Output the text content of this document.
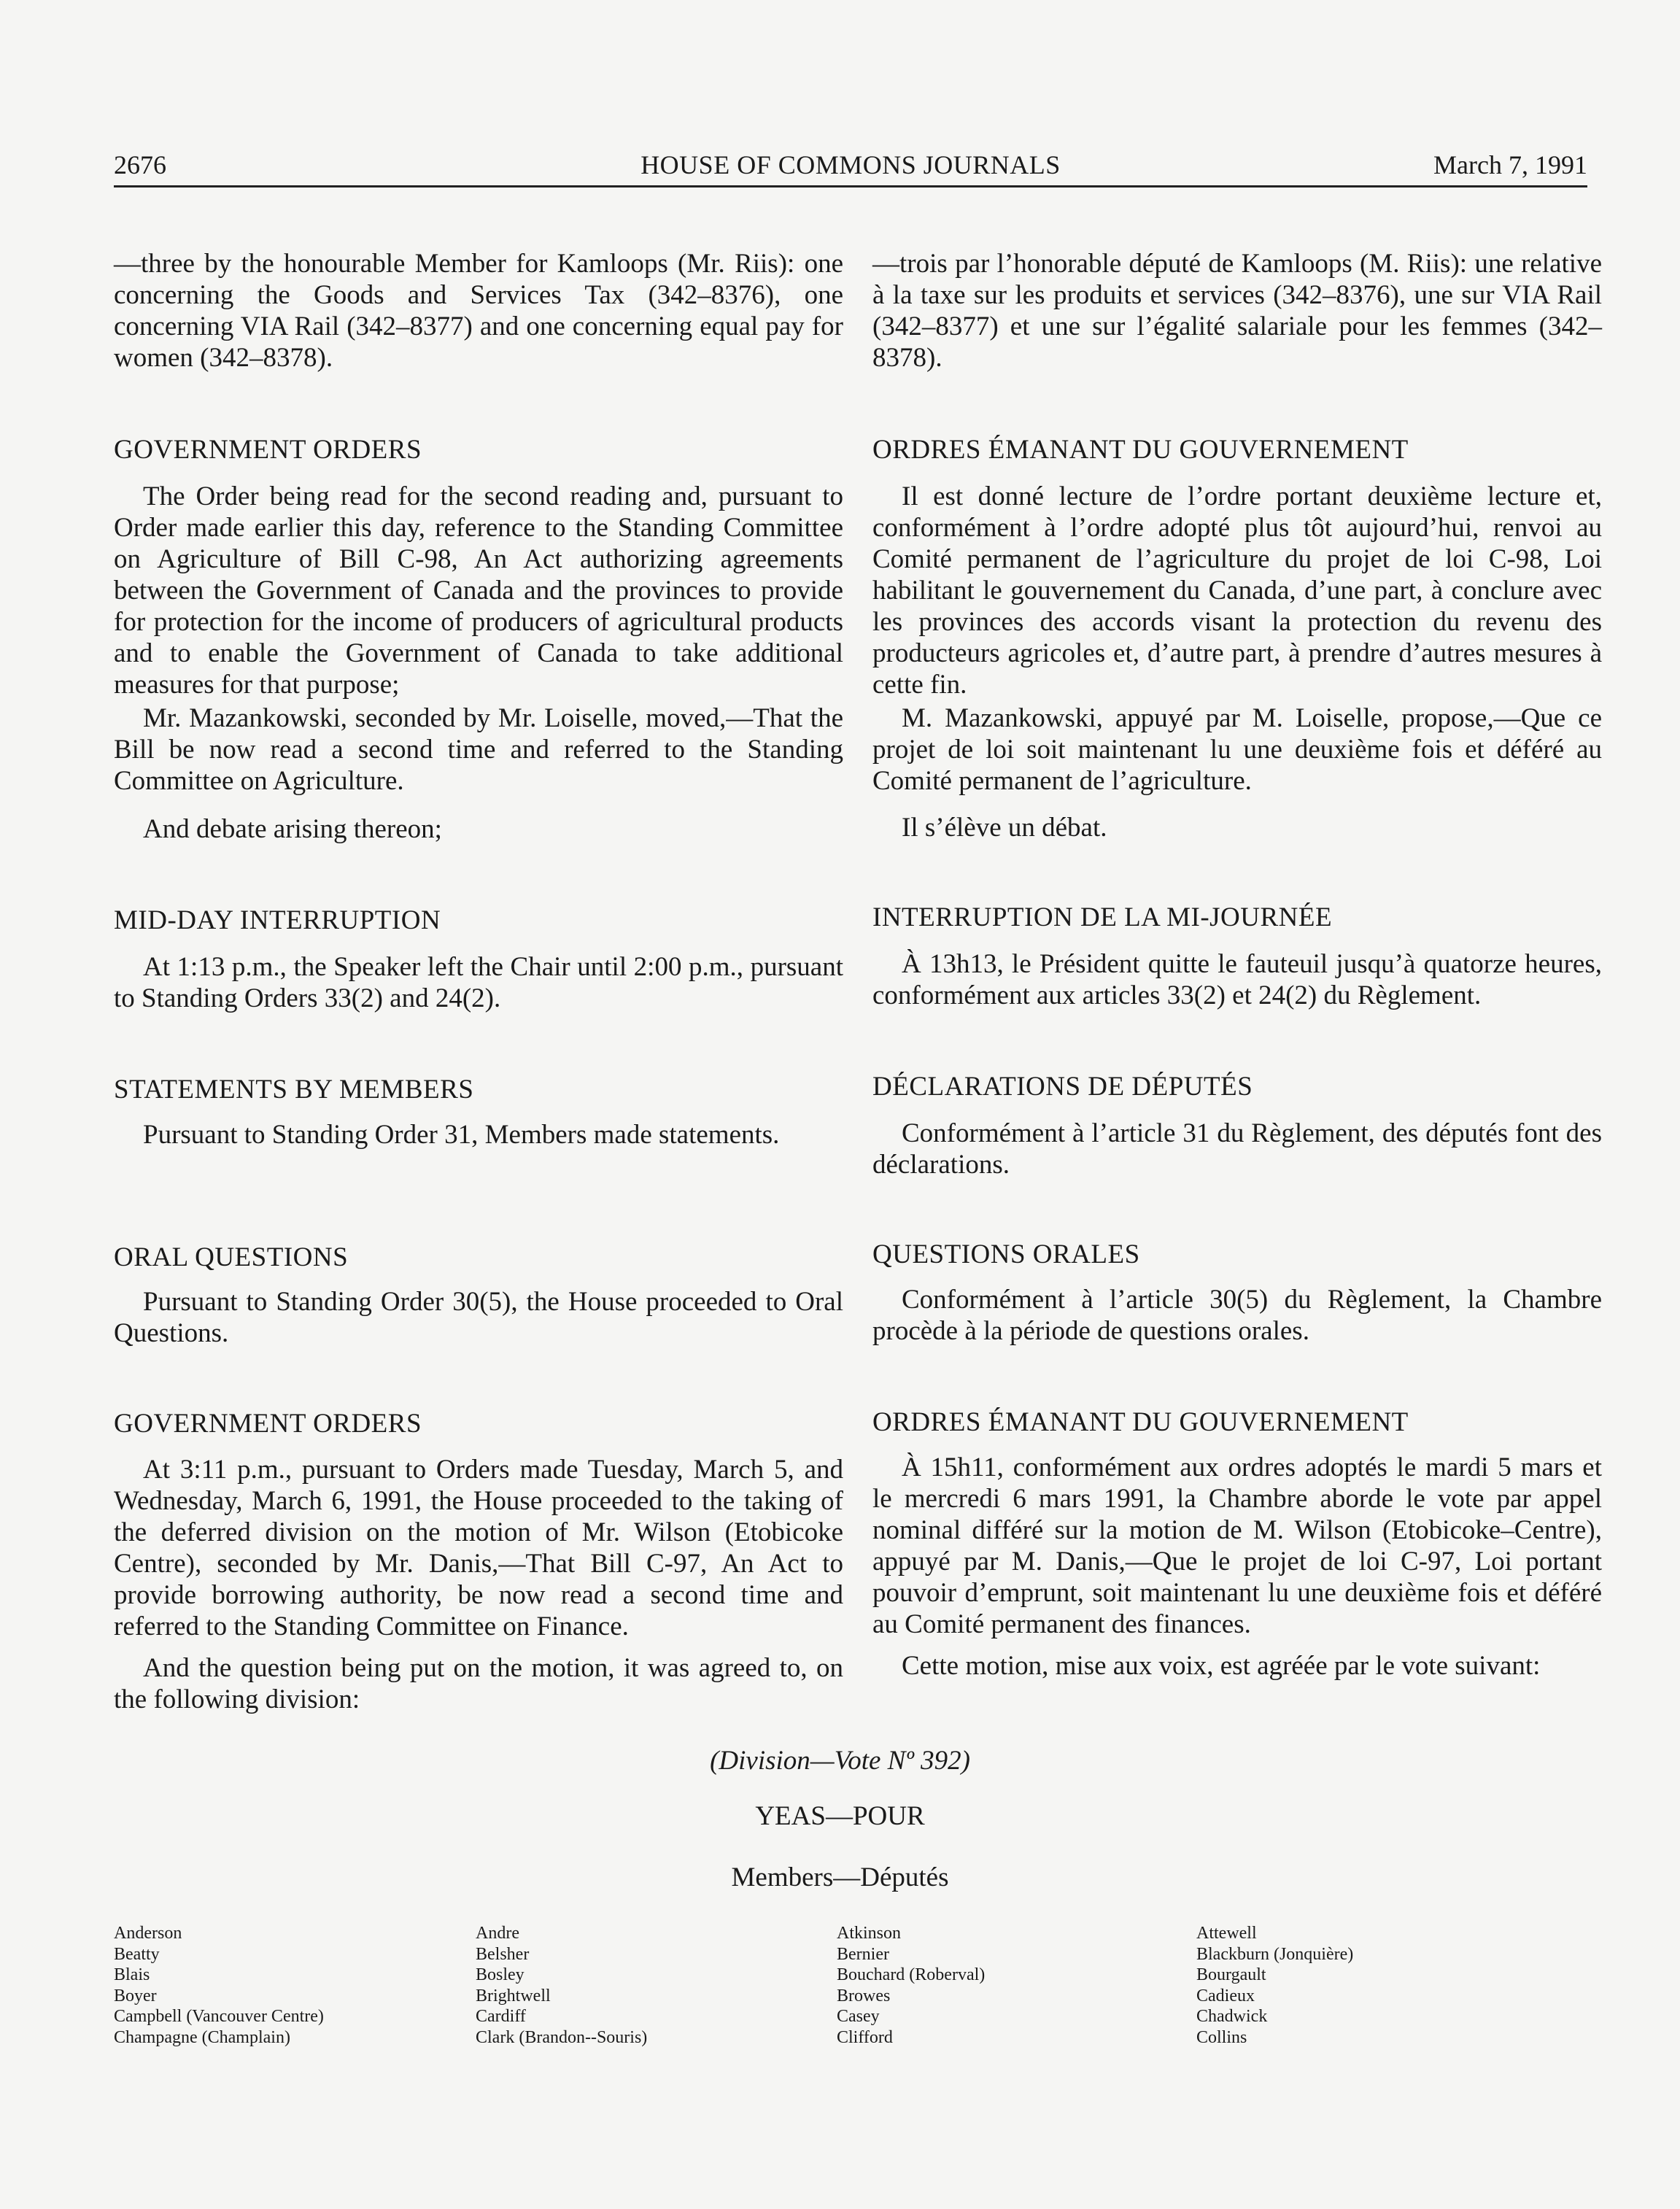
2676	HOUSE OF COMMONS JOURNALS	March 7, 1991

—three by the honourable Member for Kamloops (Mr. Riis): one concerning the Goods and Services Tax (342–8376), one concerning VIA Rail (342–8377) and one concerning equal pay for women (342–8378).

GOVERNMENT ORDERS

The Order being read for the second reading and, pursuant to Order made earlier this day, reference to the Standing Committee on Agriculture of Bill C-98, An Act authorizing agreements between the Government of Canada and the provinces to provide for protection for the income of producers of agricultural products and to enable the Government of Canada to take additional measures for that purpose;

Mr. Mazankowski, seconded by Mr. Loiselle, moved,—That the Bill be now read a second time and referred to the Standing Committee on Agriculture.

And debate arising thereon;

MID-DAY INTERRUPTION

At 1:13 p.m., the Speaker left the Chair until 2:00 p.m., pursuant to Standing Orders 33(2) and 24(2).

STATEMENTS BY MEMBERS

Pursuant to Standing Order 31, Members made statements.

ORAL QUESTIONS

Pursuant to Standing Order 30(5), the House proceeded to Oral Questions.

GOVERNMENT ORDERS

At 3:11 p.m., pursuant to Orders made Tuesday, March 5, and Wednesday, March 6, 1991, the House proceeded to the taking of the deferred division on the motion of Mr. Wilson (Etobicoke Centre), seconded by Mr. Danis,—That Bill C-97, An Act to provide borrowing authority, be now read a second time and referred to the Standing Committee on Finance.

And the question being put on the motion, it was agreed to, on the following division:

—trois par l’honorable député de Kamloops (M. Riis): une relative à la taxe sur les produits et services (342–8376), une sur VIA Rail (342–8377) et une sur l’égalité salariale pour les femmes (342–8378).

ORDRES ÉMANANT DU GOUVERNEMENT

Il est donné lecture de l’ordre portant deuxième lecture et, conformément à l’ordre adopté plus tôt aujourd’hui, renvoi au Comité permanent de l’agriculture du projet de loi C-98, Loi habilitant le gouvernement du Canada, d’une part, à conclure avec les provinces des accords visant la protection du revenu des producteurs agricoles et, d’autre part, à prendre d’autres mesures à cette fin.

M. Mazankowski, appuyé par M. Loiselle, propose,—Que ce projet de loi soit maintenant lu une deuxième fois et déféré au Comité permanent de l’agriculture.

Il s’élève un débat.

INTERRUPTION DE LA MI-JOURNÉE

À 13h13, le Président quitte le fauteuil jusqu’à quatorze heures, conformément aux articles 33(2) et 24(2) du Règlement.

DÉCLARATIONS DE DÉPUTÉS

Conformément à l’article 31 du Règlement, des députés font des déclarations.

QUESTIONS ORALES

Conformément à l’article 30(5) du Règlement, la Chambre procède à la période de questions orales.

ORDRES ÉMANANT DU GOUVERNEMENT

À 15h11, conformément aux ordres adoptés le mardi 5 mars et le mercredi 6 mars 1991, la Chambre aborde le vote par appel nominal différé sur la motion de M. Wilson (Etobicoke–Centre), appuyé par M. Danis,—Que le projet de loi C-97, Loi portant pouvoir d’emprunt, soit maintenant lu une deuxième fois et déféré au Comité permanent des finances.

Cette motion, mise aux voix, est agréée par le vote suivant:

(Division—Vote Nº 392)
YEAS—POUR
Members—Députés
Anderson
Beatty
Blais
Boyer
Campbell (Vancouver Centre)
Champagne (Champlain)
Andre
Belsher
Bosley
Brightwell
Cardiff
Clark (Brandon--Souris)
Atkinson
Bernier
Bouchard (Roberval)
Browes
Casey
Clifford
Attewell
Blackburn (Jonquière)
Bourgault
Cadieux
Chadwick
Collins
